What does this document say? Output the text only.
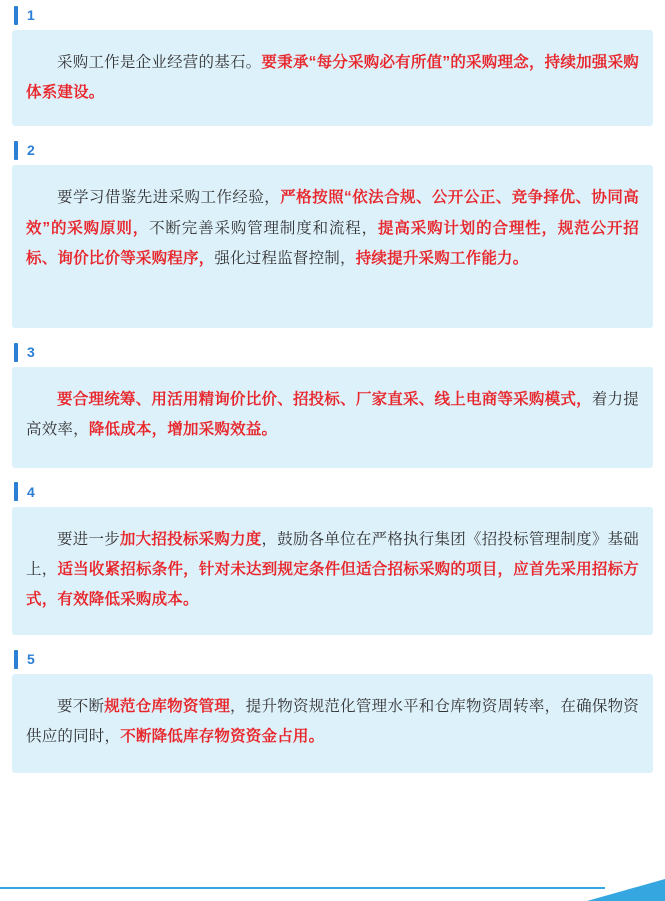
1

采购工作是企业经营的基石。要秉承“每分采购必有所值”的采购理念，持续加强采购体系建设。

2

要学习借鉴先进采购工作经验，严格按照“依法合规、公开公正、竞争择优、协同高效”的采购原则，不断完善采购管理制度和流程，提高采购计划的合理性，规范公开招标、询价比价等采购程序，强化过程监督控制，持续提升采购工作能力。

3

要合理统筹、用活用精询价比价、招投标、厂家直采、线上电商等采购模式，着力提高效率，降低成本，增加采购效益。

4

要进一步加大招投标采购力度，鼓励各单位在严格执行集团《招投标管理制度》基础上，适当收紧招标条件，针对未达到规定条件但适合招标采购的项目，应首先采用招标方式，有效降低采购成本。

5

要不断规范仓库物资管理，提升物资规范化管理水平和仓库物资周转率，在确保物资供应的同时，不断降低库存物资资金占用。
